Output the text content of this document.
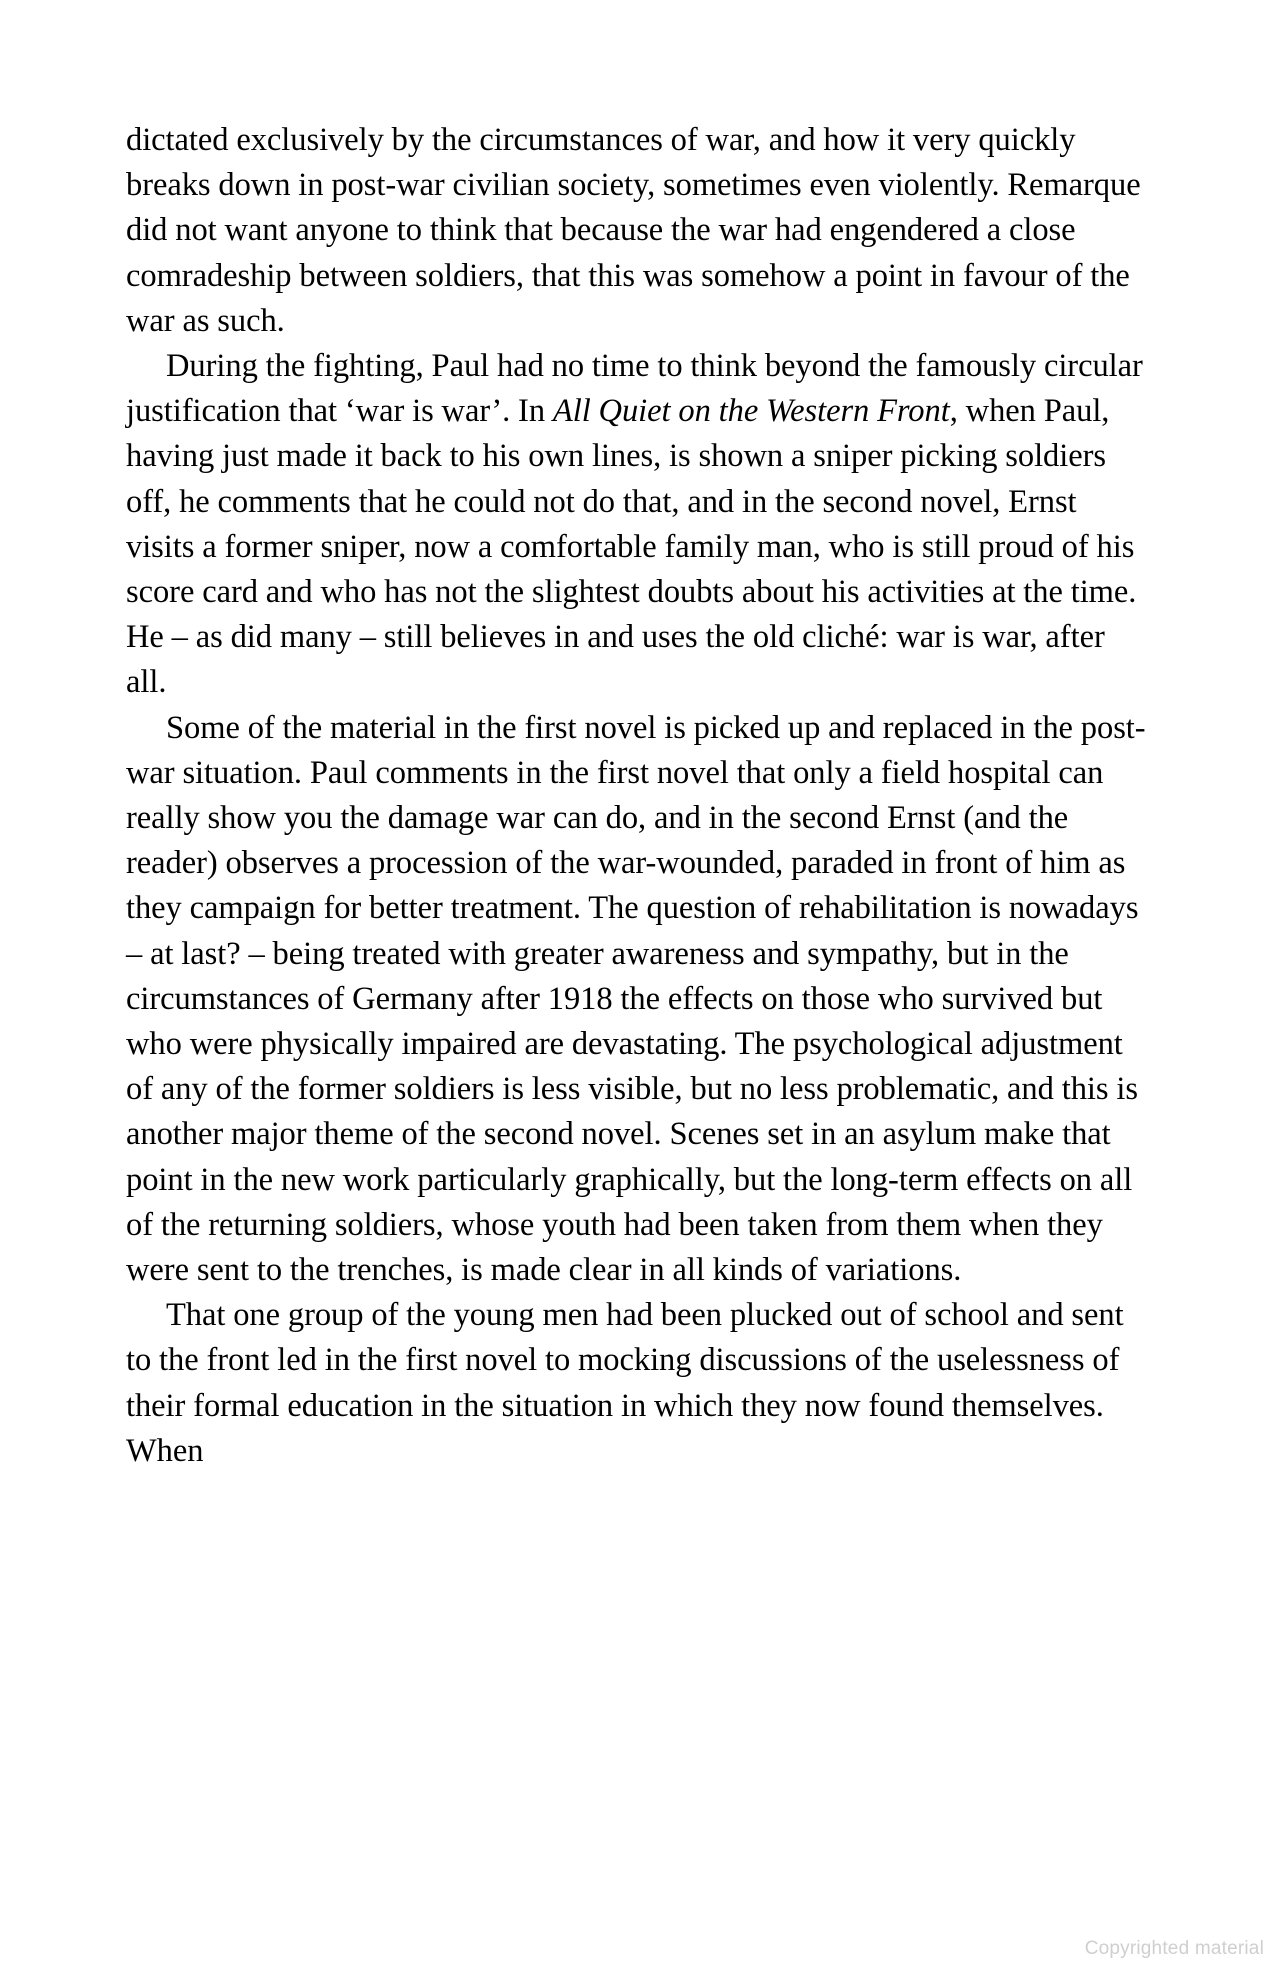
dictated exclusively by the circumstances of war, and how it very quickly breaks down in post-war civilian society, sometimes even violently. Remarque did not want anyone to think that because the war had engendered a close comradeship between soldiers, that this was somehow a point in favour of the war as such.

During the fighting, Paul had no time to think beyond the famously circular justification that ‘war is war’. In All Quiet on the Western Front, when Paul, having just made it back to his own lines, is shown a sniper picking soldiers off, he comments that he could not do that, and in the second novel, Ernst visits a former sniper, now a comfortable family man, who is still proud of his score card and who has not the slightest doubts about his activities at the time. He – as did many – still believes in and uses the old cliché: war is war, after all.

Some of the material in the first novel is picked up and replaced in the post-war situation. Paul comments in the first novel that only a field hospital can really show you the damage war can do, and in the second Ernst (and the reader) observes a procession of the war-wounded, paraded in front of him as they campaign for better treatment. The question of rehabilitation is nowadays – at last? – being treated with greater awareness and sympathy, but in the circumstances of Germany after 1918 the effects on those who survived but who were physically impaired are devastating. The psychological adjustment of any of the former soldiers is less visible, but no less problematic, and this is another major theme of the second novel. Scenes set in an asylum make that point in the new work particularly graphically, but the long-term effects on all of the returning soldiers, whose youth had been taken from them when they were sent to the trenches, is made clear in all kinds of variations.

That one group of the young men had been plucked out of school and sent to the front led in the first novel to mocking discussions of the uselessness of their formal education in the situation in which they now found themselves. When

Copyrighted material
